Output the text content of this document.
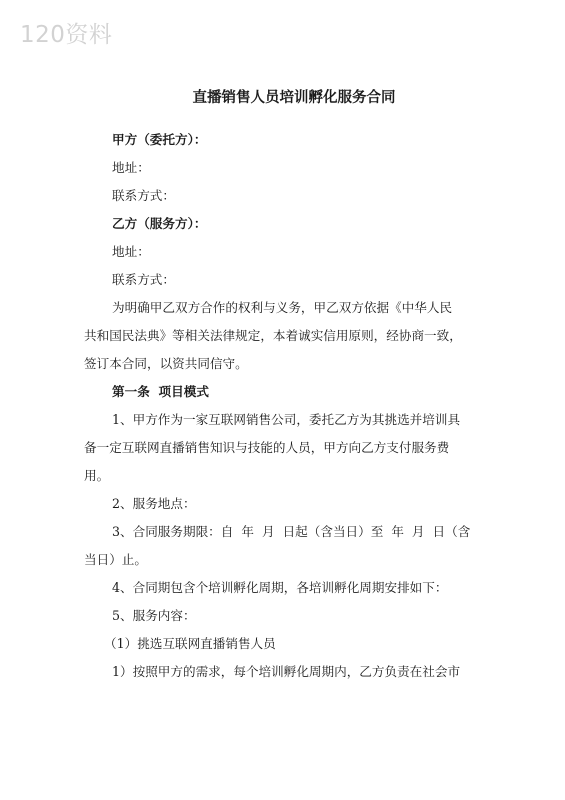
120资料
直播销售人员培训孵化服务合同

甲方（委托方）：

地址：

联系方式：

乙方（服务方）：

地址：

联系方式：

为明确甲乙双方合作的权利与义务，甲乙双方依据《中华人民
共和国民法典》等相关法律规定，本着诚实信用原则，经协商一致，
签订本合同，以资共同信守。

第一条  项目模式

1、甲方作为一家互联网销售公司，委托乙方为其挑选并培训具
备一定互联网直播销售知识与技能的人员，甲方向乙方支付服务费
用。

2、服务地点：

3、合同服务期限：自  年  月  日起（含当日）至  年  月  日（含
当日）止。

4、合同期包含个培训孵化周期，各培训孵化周期安排如下：

5、服务内容：

（1）挑选互联网直播销售人员

1）按照甲方的需求，每个培训孵化周期内，乙方负责在社会市
